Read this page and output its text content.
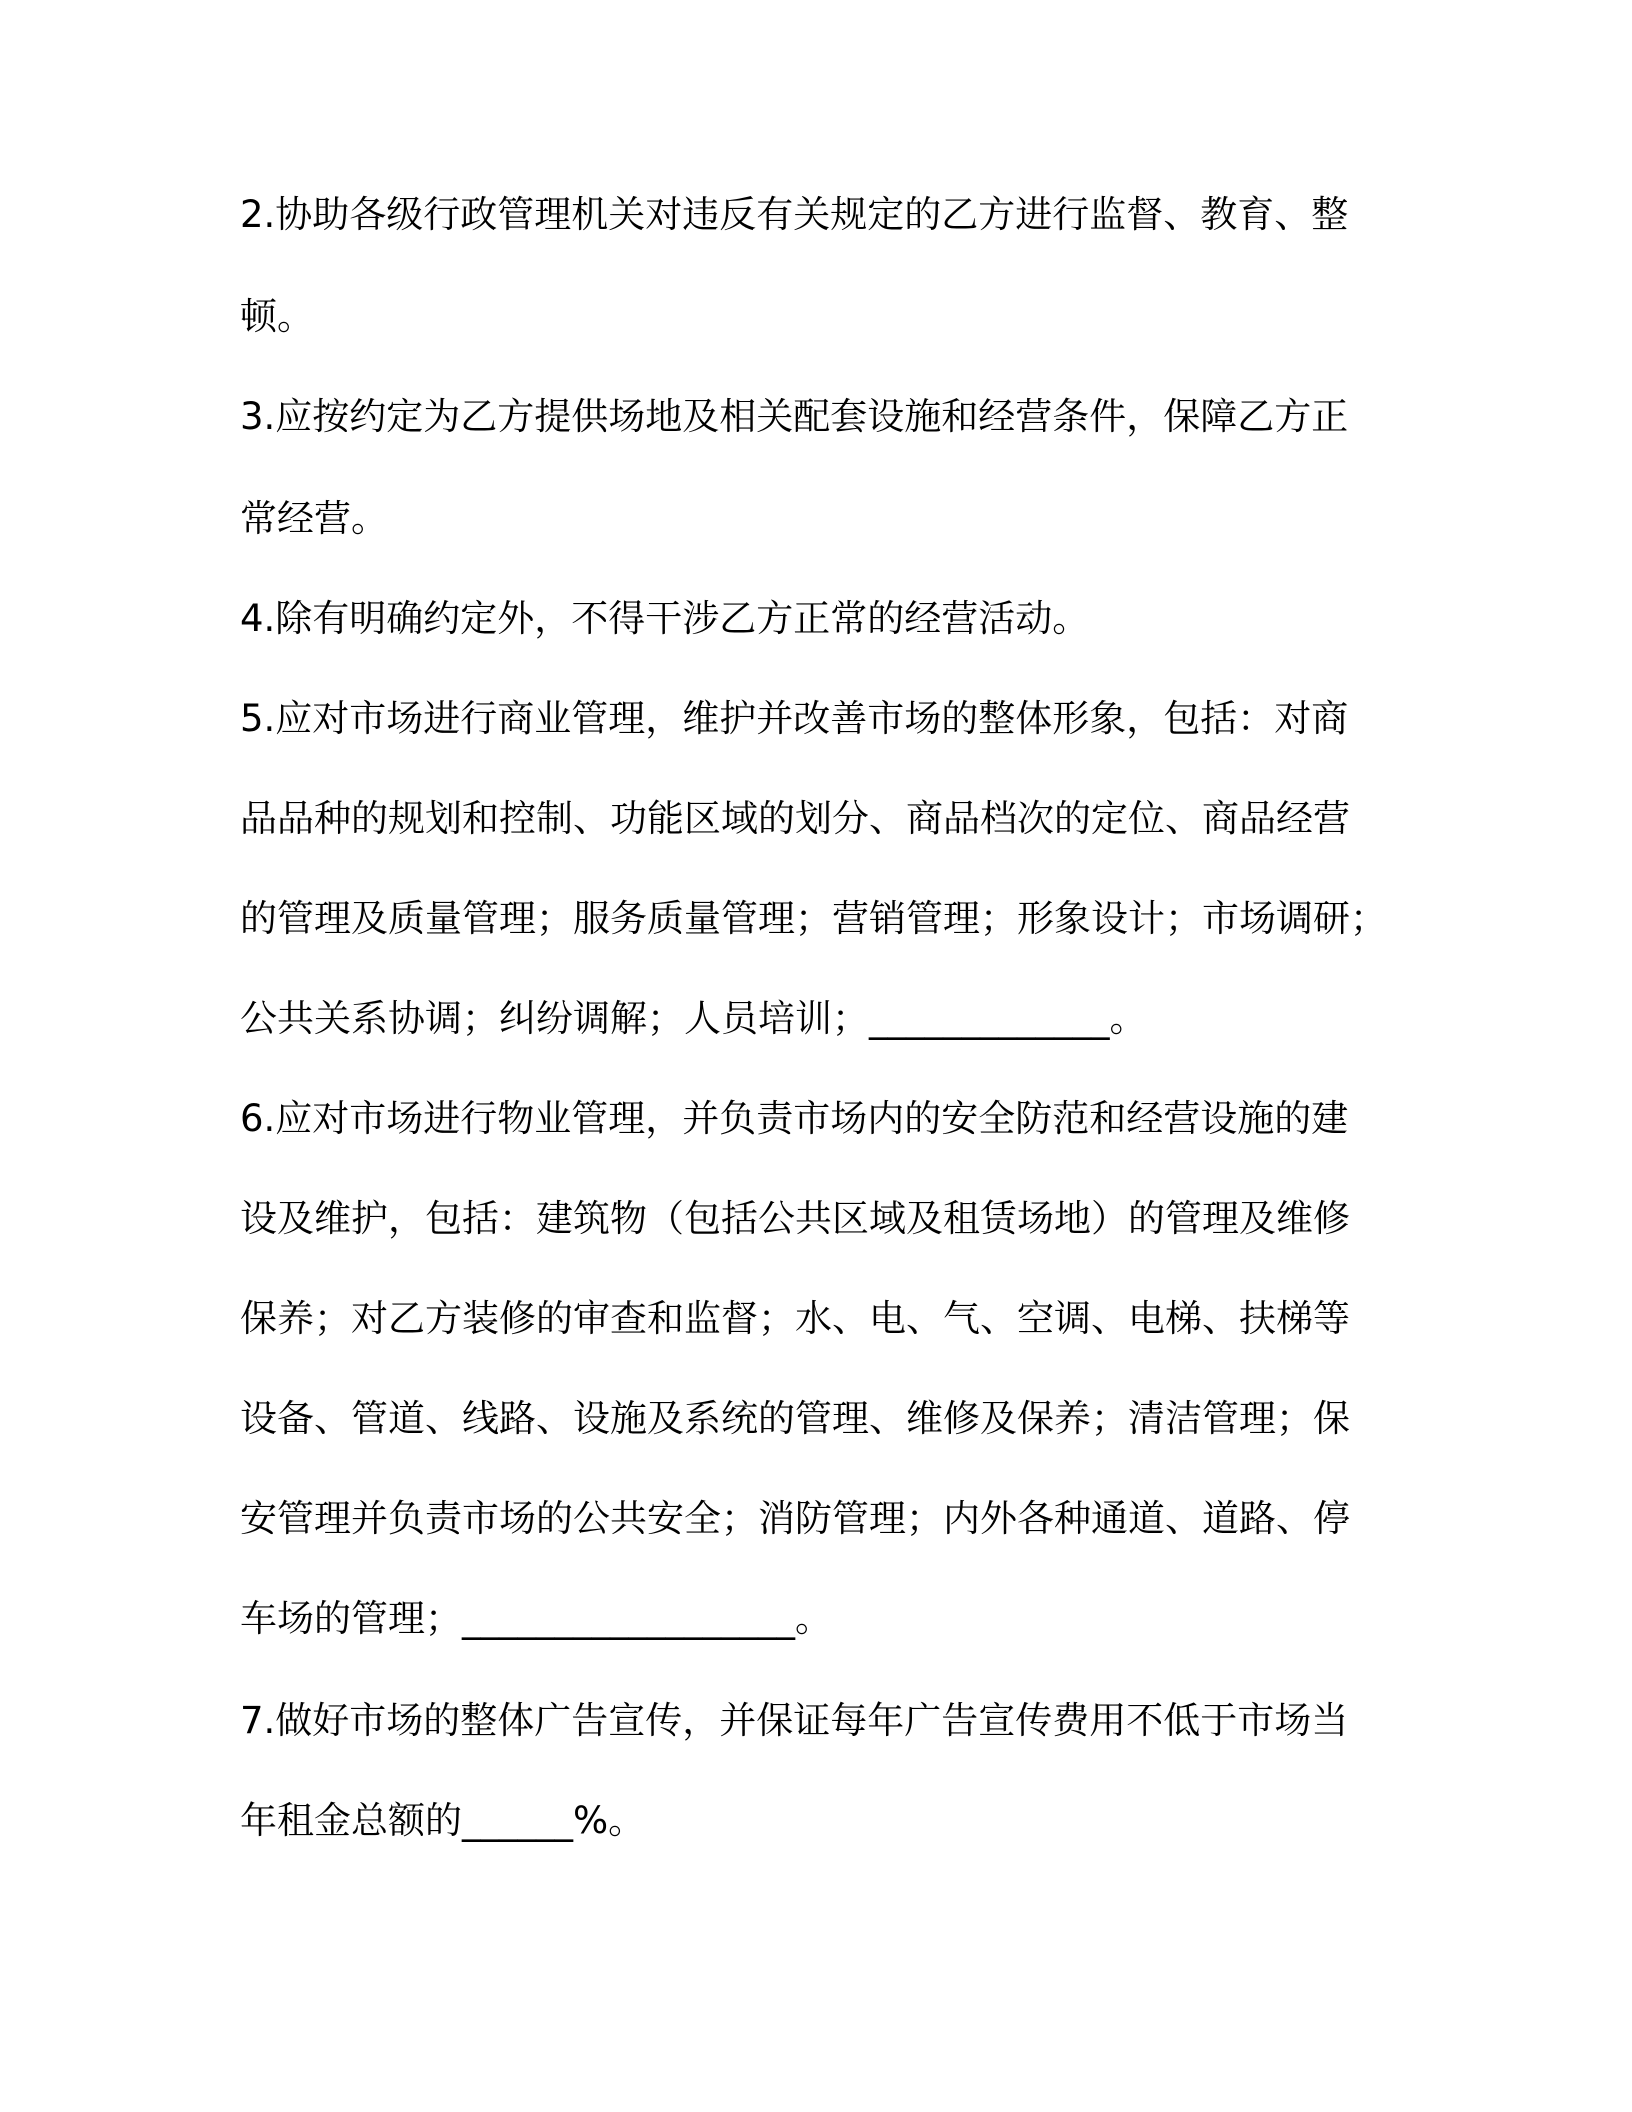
2.协助各级行政管理机关对违反有关规定的乙方进行监督、教育、整
顿。
3.应按约定为乙方提供场地及相关配套设施和经营条件，保障乙方正
常经营。
4.除有明确约定外，不得干涉乙方正常的经营活动。
5.应对市场进行商业管理，维护并改善市场的整体形象，包括：对商
品品种的规划和控制、功能区域的划分、商品档次的定位、商品经营
的管理及质量管理；服务质量管理；营销管理；形象设计；市场调研；
公共关系协调；纠纷调解；人员培训；_____________。
6.应对市场进行物业管理，并负责市场内的安全防范和经营设施的建
设及维护，包括：建筑物（包括公共区域及租赁场地）的管理及维修
保养；对乙方装修的审查和监督；水、电、气、空调、电梯、扶梯等
设备、管道、线路、设施及系统的管理、维修及保养；清洁管理；保
安管理并负责市场的公共安全；消防管理；内外各种通道、道路、停
车场的管理；__________________。
7.做好市场的整体广告宣传，并保证每年广告宣传费用不低于市场当
年租金总额的______%。
